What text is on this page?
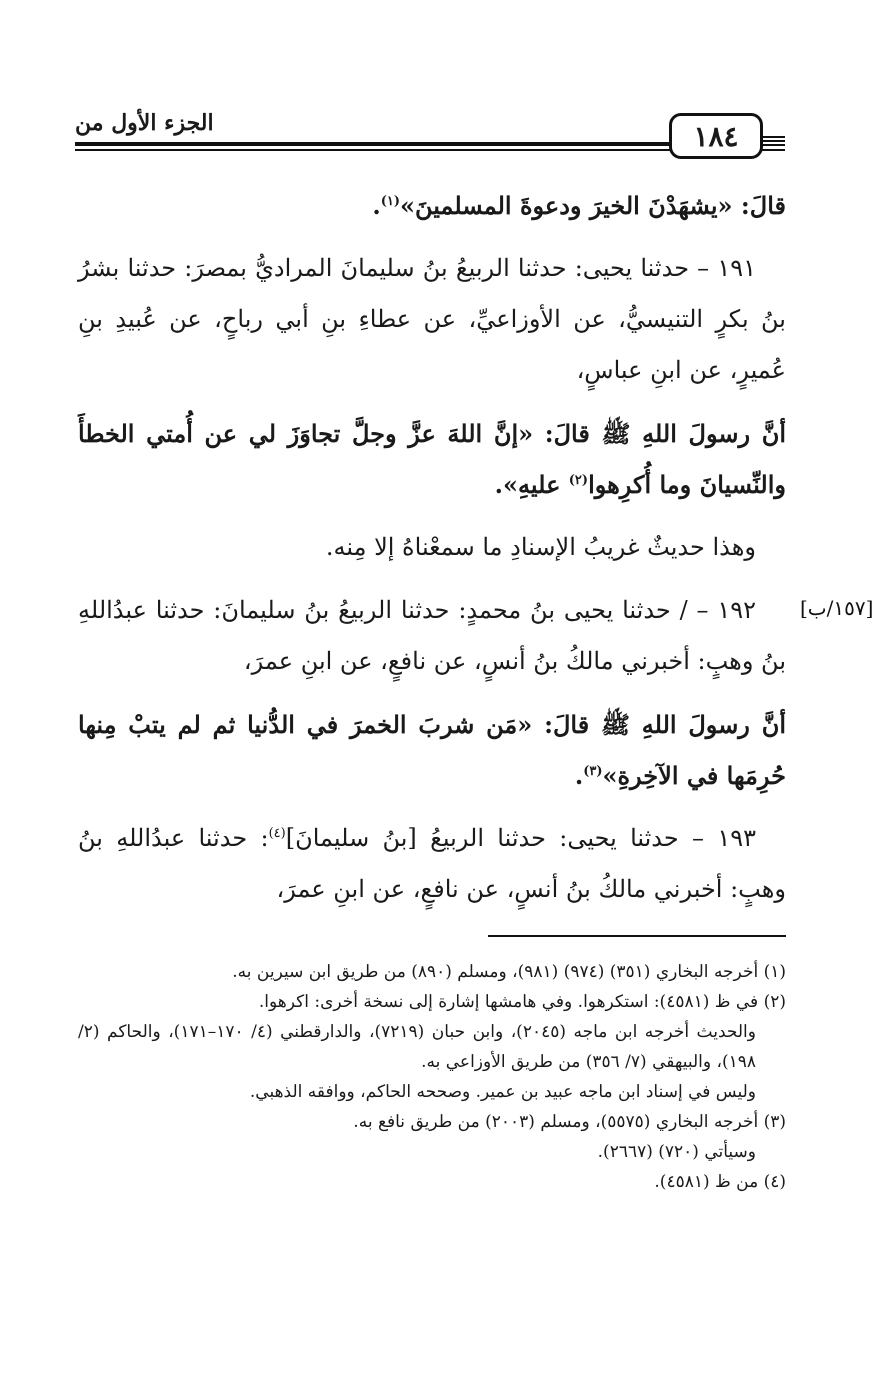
١٨٤
الجزء الأول من
[١٥٧/ب]

قالَ: «يشهَدْنَ الخيرَ ودعوةَ المسلمينَ»$^{(١)}$.

١٩١ – حدثنا يحيى: حدثنا الربيعُ بنُ سليمانَ المراديُّ بمصرَ: حدثنا بشرُ بنُ بكرٍ التنيسيُّ، عن الأوزاعيِّ، عن عطاءِ بنِ أبي رباحٍ، عن عُبيدِ بنِ عُميرٍ، عن ابنِ عباسٍ،

أنَّ رسولَ اللهِ ﷺ قالَ: «إنَّ اللهَ عزَّ وجلَّ تجاوَزَ لي عن أُمتي الخطأَ والنِّسيانَ وما أُكرِهوا$^{(٢)}$ عليهِ».

وهذا حديثٌ غريبُ الإسنادِ ما سمعْناهُ إلا مِنه.

١٩٢ – / حدثنا يحيى بنُ محمدٍ: حدثنا الربيعُ بنُ سليمانَ: حدثنا عبدُاللهِ بنُ وهبٍ: أخبرني مالكُ بنُ أنسٍ، عن نافعٍ، عن ابنِ عمرَ،

أنَّ رسولَ اللهِ ﷺ قالَ: «مَن شربَ الخمرَ في الدُّنيا ثم لم يتبْ مِنها حُرِمَها في الآخِرةِ»$^{(٣)}$.

١٩٣ – حدثنا يحيى: حدثنا الربيعُ [بنُ سليمانَ]$^{(٤)}$: حدثنا عبدُاللهِ بنُ وهبٍ: أخبرني مالكُ بنُ أنسٍ، عن نافعٍ، عن ابنِ عمرَ،

(١) أخرجه البخاري (٣٥١) (٩٧٤) (٩٨١)، ومسلم (٨٩٠) من طريق ابن سيرين به.

(٢) في ظ (٤٥٨١): استكرهوا. وفي هامشها إشارة إلى نسخة أخرى: اكرهوا.

والحديث أخرجه ابن ماجه (٢٠٤٥)، وابن حبان (٧٢١٩)، والدارقطني (٤/ ١٧٠–١٧١)، والحاكم (٢/ ١٩٨)، والبيهقي (٧/ ٣٥٦) من طريق الأوزاعي به.

وليس في إسناد ابن ماجه عبيد بن عمير. وصححه الحاكم، ووافقه الذهبي.

(٣) أخرجه البخاري (٥٥٧٥)، ومسلم (٢٠٠٣) من طريق نافع به.

وسيأتي (٧٢٠) (٢٦٦٧).

(٤) من ظ (٤٥٨١).
